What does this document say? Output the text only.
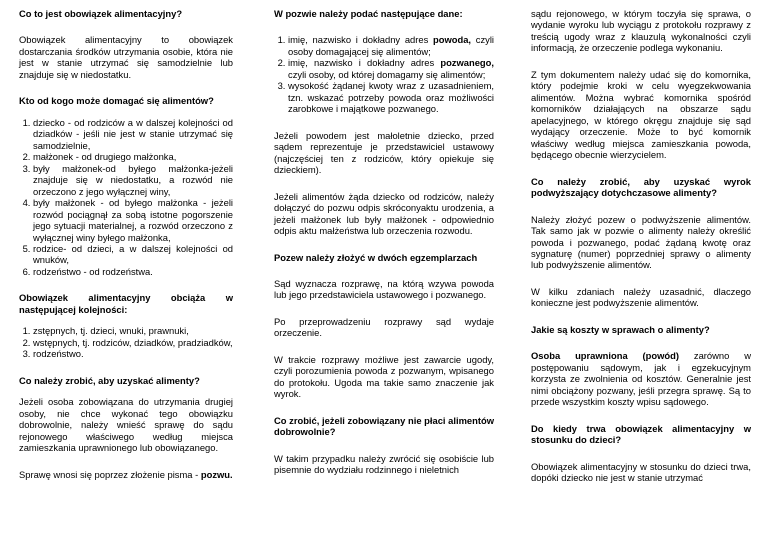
Co to jest obowiązek alimentacyjny?

Obowiązek alimentacyjny to obowiązek dostarczania środków utrzymania osobie, która nie jest w stanie utrzymać się samodzielnie lub znajduje się w niedostatku.

Kto od kogo może domagać się alimentów?

1. dziecko - od rodziców a w dalszej kolejności od dziadków - jeśli nie jest w stanie utrzymać się samodzielnie,
2. małżonek - od drugiego małżonka,
3. były małżonek-od byłego małżonka-jeżeli znajduje się w niedostatku, a rozwód nie orzeczono z jego wyłącznej winy,
4. były małżonek - od byłego małżonka - jeżeli rozwód pociągnął za sobą istotne pogorszenie jego sytuacji materialnej, a rozwód orzeczono z wyłącznej winy byłego małżonka,
5. rodzice- od dzieci, a w dalszej kolejności od wnuków,
6. rodzeństwo - od rodzeństwa.

Obowiązek alimentacyjny obciąża w następującej kolejności:

1. zstępnych, tj. dzieci, wnuki, prawnuki,
2. wstępnych, tj. rodziców, dziadków, pradziadków,
3. rodzeństwo.

Co należy zrobić, aby uzyskać alimenty?

Jeżeli osoba zobowiązana do utrzymania drugiej osoby, nie chce wykonać tego obowiązku dobrowolnie, należy wnieść sprawę do sądu rejonowego właściwego według miejsca zamieszkania uprawnionego lub obowiązanego.

Sprawę wnosi się poprzez złożenie pisma - pozwu.

W pozwie należy podać następujące dane:

1. imię, nazwisko i dokładny adres powoda, czyli osoby domagającej się alimentów;
2. imię, nazwisko i dokładny adres pozwanego, czyli osoby, od której domagamy się alimentów;
3. wysokość żądanej kwoty wraz z uzasadnieniem, tzn. wskazać potrzeby powoda oraz możliwości zarobkowe i majątkowe pozwanego.

Jeżeli powodem jest małoletnie dziecko, przed sądem reprezentuje je przedstawiciel ustawowy (najczęściej ten z rodziców, który opiekuje się dzieckiem).

Jeżeli alimentów żąda dziecko od rodziców, należy dołączyć do pozwu odpis skróconyaktu urodzenia, a jeżeli małżonek lub były małżonek - odpowiednio odpis aktu małżeństwa lub orzeczenia rozwodu.

Pozew należy złożyć w dwóch egzemplarzach

Sąd wyznacza rozprawę, na którą wzywa powoda lub jego przedstawiciela ustawowego i pozwanego.

Po przeprowadzeniu rozprawy sąd wydaje orzeczenie.

W trakcie rozprawy możliwe jest zawarcie ugody, czyli porozumienia powoda z pozwanym, wpisanego do protokołu. Ugoda ma takie samo znaczenie jak wyrok.

Co zrobić, jeżeli zobowiązany nie płaci alimentów dobrowolnie?

W takim przypadku należy zwrócić się osobiście lub pisemnie do wydziału rodzinnego i nieletnich

sądu rejonowego, w którym toczyła się sprawa, o wydanie wyroku lub wyciągu z protokołu rozprawy z treścią ugody wraz z klauzulą wykonalności czyli informacją, że orzeczenie podlega wykonaniu.

Z tym dokumentem należy udać się do komornika, który podejmie kroki w celu wyegzekwowania alimentów. Można wybrać komornika spośród komorników działających na obszarze sądu apelacyjnego, w którego okręgu znajduje się sąd wydający orzeczenie. Może to być komornik właściwy według miejsca zamieszkania powoda, będącego obecnie wierzycielem.

Co należy zrobić, aby uzyskać wyrok podwyższający dotychczasowe alimenty?

Należy złożyć pozew o podwyższenie alimentów. Tak samo jak w pozwie o alimenty należy określić powoda i pozwanego, podać żądaną kwotę oraz sygnaturę (numer) poprzedniej sprawy o alimenty lub podwyższenie alimentów.

W kilku zdaniach należy uzasadnić, dlaczego konieczne jest podwyższenie alimentów.

Jakie są koszty w sprawach o alimenty?

Osoba uprawniona (powód) zarówno w postępowaniu sądowym, jak i egzekucyjnym korzysta ze zwolnienia od kosztów. Generalnie jest nimi obciążony pozwany, jeśli przegra sprawę. Są to przede wszystkim koszty wpisu sądowego.

Do kiedy trwa obowiązek alimentacyjny w stosunku do dzieci?

Obowiązek alimentacyjny w stosunku do dzieci trwa, dopóki dziecko nie jest w stanie utrzymać
